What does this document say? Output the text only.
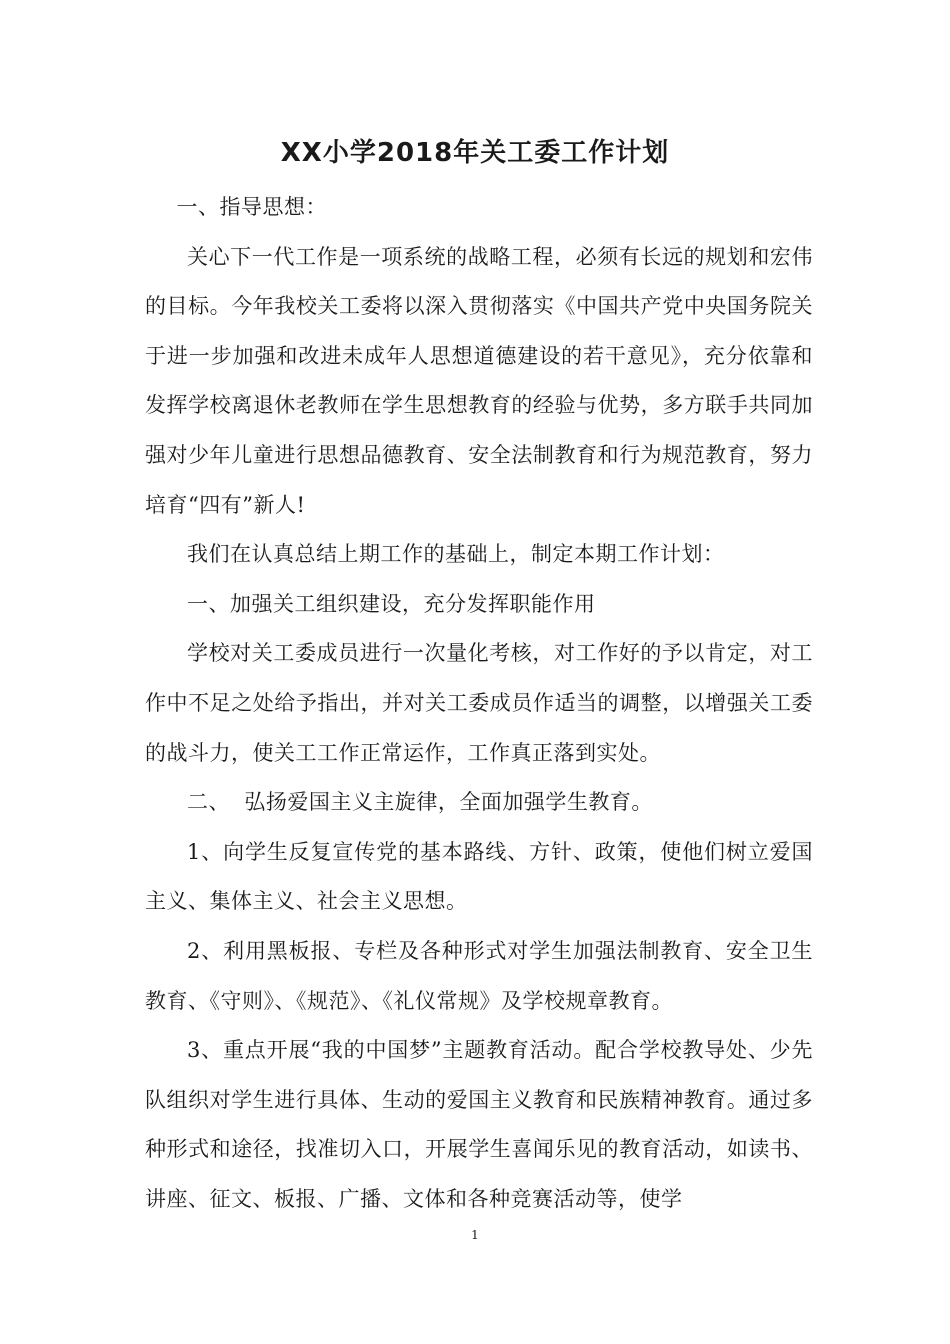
XX小学2018年关工委工作计划

一、指导思想：

关心下一代工作是一项系统的战略工程，必须有长远的规划和宏伟的目标。今年我校关工委将以深入贯彻落实《中国共产党中央国务院关于进一步加强和改进未成年人思想道德建设的若干意见》，充分依靠和发挥学校离退休老教师在学生思想教育的经验与优势，多方联手共同加强对少年儿童进行思想品德教育、安全法制教育和行为规范教育，努力培育“四有”新人!

我们在认真总结上期工作的基础上，制定本期工作计划：

一、加强关工组织建设，充分发挥职能作用

学校对关工委成员进行一次量化考核，对工作好的予以肯定，对工作中不足之处给予指出，并对关工委成员作适当的调整，以增强关工委的战斗力，使关工工作正常运作，工作真正落到实处。

二、  弘扬爱国主义主旋律，全面加强学生教育。

1、向学生反复宣传党的基本路线、方针、政策，使他们树立爱国主义、集体主义、社会主义思想。

2、利用黑板报、专栏及各种形式对学生加强法制教育、安全卫生教育、《守则》、《规范》、《礼仪常规》及学校规章教育。

3、重点开展“我的中国梦”主题教育活动。配合学校教导处、少先队组织对学生进行具体、生动的爱国主义教育和民族精神教育。通过多种形式和途径，找准切入口，开展学生喜闻乐见的教育活动，如读书、讲座、征文、板报、广播、文体和各种竞赛活动等，使学

1
